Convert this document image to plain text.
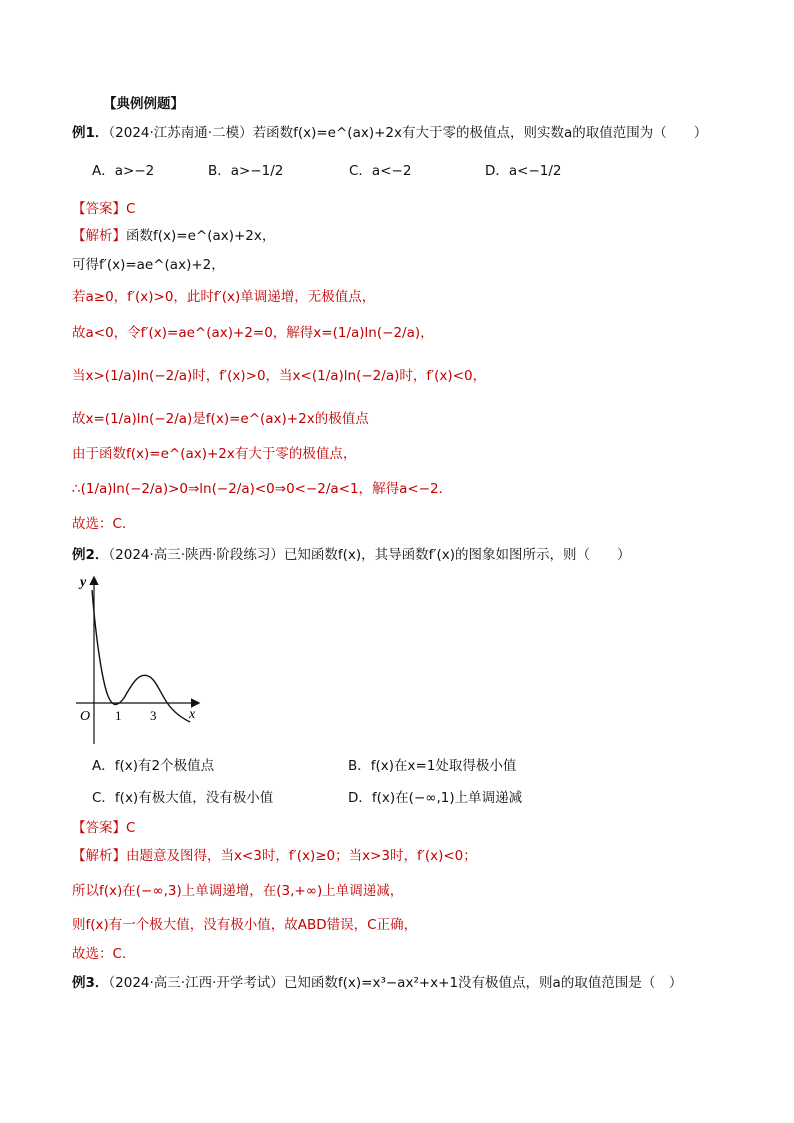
【典例例题】
例1．（2024·江苏南通·二模）若函数f(x)=e^(ax)+2x有大于零的极值点，则实数a的取值范围为（　　）
A．a>−2	B．a>−1/2	C．a<−2	D．a<−1/2
【答案】C
【解析】函数f(x)=e^(ax)+2x，
可得f′(x)=ae^(ax)+2，
若a≥0，f′(x)>0，此时f′(x)单调递增，无极值点，
故a<0，令f′(x)=ae^(ax)+2=0，解得x=(1/a)ln(−2/a)，
当x>(1/a)ln(−2/a)时，f′(x)>0，当x<(1/a)ln(−2/a)时，f′(x)<0，
故x=(1/a)ln(−2/a)是f(x)=e^(ax)+2x的极值点
由于函数f(x)=e^(ax)+2x有大于零的极值点，
∴(1/a)ln(−2/a)>0⇒ln(−2/a)<0⇒0<−2/a<1，解得a<−2．
故选：C．
例2．（2024·高三·陕西·阶段练习）已知函数f(x)，其导函数f′(x)的图象如图所示，则（　　）
y
x
O 1 3
A．f(x)有2个极值点	B．f(x)在x=1处取得极小值
C．f(x)有极大值，没有极小值	D．f(x)在(−∞,1)上单调递减
【答案】C
【解析】由题意及图得，当x<3时，f′(x)≥0；当x>3时，f′(x)<0；
所以f(x)在(−∞,3)上单调递增，在(3,+∞)上单调递减，
则f(x)有一个极大值，没有极小值，故ABD错误，C正确，
故选：C.
例3．（2024·高三·江西·开学考试）已知函数f(x)=x³−ax²+x+1没有极值点，则a的取值范围是（　）
